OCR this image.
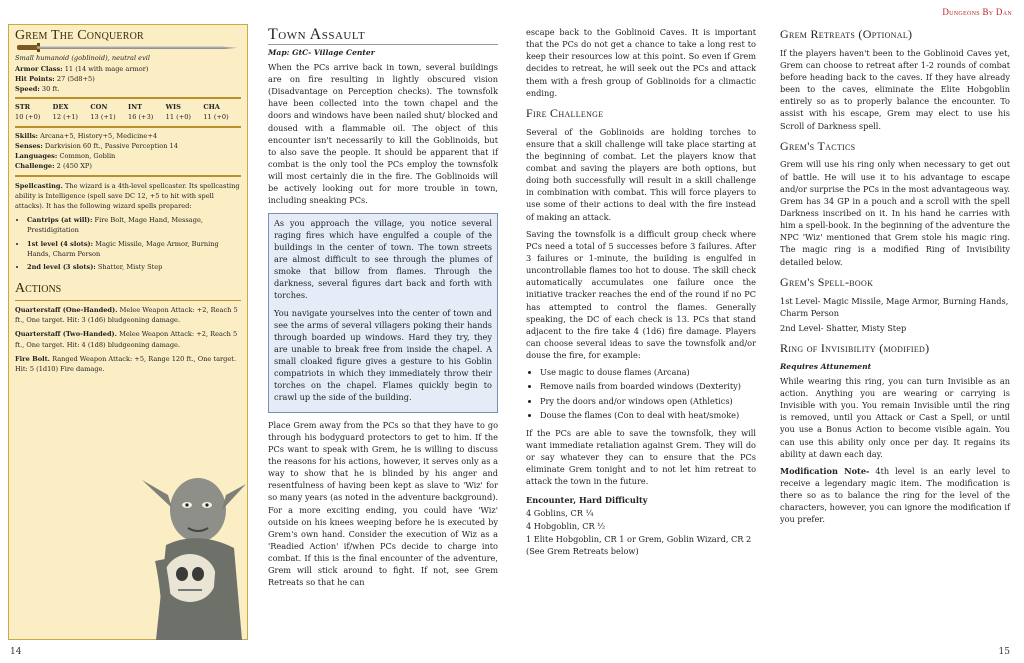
Dungeons By Dan
Grem The Conqueror
Small humanoid (goblinoid), neutral evil
Armor Class: 11 (14 with mage armor)
Hit Points: 27 (5d8+5)
Speed: 30 ft.
STR	DEX	CON	INT	WIS	CHA
10 (+0)	12 (+1)	13 (+1)	16 (+3)	11 (+0)	11 (+0)
Skills: Arcana+5, History+5, Medicine+4
Senses: Darkvision 60 ft., Passive Perception 14
Languages: Common, Goblin
Challenge: 2 (450 XP)
Spellcasting. The wizard is a 4th-level spellcaster. Its spellcasting ability is Intelligence (spell save DC 12, +5 to hit with spell attacks). It has the following wizard spells prepared:
• Cantrips (at will): Fire Bolt, Mage Hand, Message, Prestidigitation
• 1st level (4 slots): Magic Missile, Mage Armor, Burning Hands, Charm Person
• 2nd level (3 slots): Shatter, Misty Step
Actions
Quarterstaff (One-Handed). Melee Weapon Attack: +2, Reach 5 ft., One target. Hit: 3 (1d6) bludgeoning damage.
Quarterstaff (Two-Handed). Melee Weapon Attack: +2, Reach 5 ft., One target. Hit: 4 (1d8) bludgeoning damage.
Fire Bolt. Ranged Weapon Attack: +5, Range 120 ft., One target. Hit: 5 (1d10) Fire damage.
14	15
Town Assault
Map: GtC- Village Center

When the PCs arrive back in town, several buildings are on fire resulting in lightly obscured vision (Disadvantage on Perception checks). The townsfolk have been collected into the town chapel and the doors and windows have been nailed shut/ blocked and doused with a flammable oil. The object of this encounter isn't necessarily to kill the Goblinoids, but to also save the people. It should be apparent that if combat is the only tool the PCs employ the townsfolk will most certainly die in the fire. The Goblinoids will be actively looking out for more trouble in town, including sneaking PCs.

As you approach the village, you notice several raging fires which have engulfed a couple of the buildings in the center of town. The town streets are almost difficult to see through the plumes of smoke that billow from flames. Through the darkness, several figures dart back and forth with torches.

You navigate yourselves into the center of town and see the arms of several villagers poking their hands through boarded up windows. Hard they try, they are unable to break free from inside the chapel. A small cloaked figure gives a gesture to his Goblin compatriots in which they immediately throw their torches on the chapel. Flames quickly begin to crawl up the side of the building.

Place Grem away from the PCs so that they have to go through his bodyguard protectors to get to him. If the PCs want to speak with Grem, he is willing to discuss the reasons for his actions, however, it serves only as a way to show that he is blinded by his anger and resentfulness of having been kept as slave to 'Wiz' for so many years (as noted in the adventure background). For a more exciting ending, you could have 'Wiz' outside on his knees weeping before he is executed by Grem's own hand. Consider the execution of Wiz as a 'Readied Action' if/when PCs decide to charge into combat. If this is the final encounter of the adventure, Grem will stick around to fight. If not, see Grem Retreats so that he can

escape back to the Goblinoid Caves. It is important that the PCs do not get a chance to take a long rest to keep their resources low at this point. So even if Grem decides to retreat, he will seek out the PCs and attack them with a fresh group of Goblinoids for a climactic ending.

Fire Challenge

Several of the Goblinoids are holding torches to ensure that a skill challenge will take place starting at the beginning of combat. Let the players know that combat and saving the players are both options, but doing both successfully will result in a skill challenge in combination with combat. This will force players to use some of their actions to deal with the fire instead of making an attack.

Saving the townsfolk is a difficult group check where PCs need a total of 5 successes before 3 failures. After 3 failures or 1-minute, the building is engulfed in uncontrollable flames too hot to douse. The skill check automatically accumulates one failure once the initiative tracker reaches the end of the round if no PC has attempted to control the flames. Generally speaking, the DC of each check is 13. PCs that stand adjacent to the fire take 4 (1d6) fire damage. Players can choose several ideas to save the townsfolk and/or douse the fire, for example:

• Use magic to douse flames (Arcana)
• Remove nails from boarded windows (Dexterity)
• Pry the doors and/or windows open (Athletics)
• Douse the flames (Con to deal with heat/smoke)

If the PCs are able to save the townsfolk, they will want immediate retaliation against Grem. They will do or say whatever they can to ensure that the PCs eliminate Grem tonight and to not let him retreat to attack the town in the future.

Encounter, Hard Difficulty
4 Goblins, CR ¼
4 Hobgoblin, CR ½
1 Elite Hobgoblin, CR 1 or Grem, Goblin Wizard, CR 2 (See Grem Retreats below)
Grem Retreats (Optional)

If the players haven't been to the Goblinoid Caves yet, Grem can choose to retreat after 1-2 rounds of combat before heading back to the caves. If they have already been to the caves, eliminate the Elite Hobgoblin entirely so as to properly balance the encounter. To assist with his escape, Grem may elect to use his Scroll of Darkness spell.

Grem's Tactics

Grem will use his ring only when necessary to get out of battle. He will use it to his advantage to escape and/or surprise the PCs in the most advantageous way. Grem has 34 GP in a pouch and a scroll with the spell Darkness inscribed on it. In his hand he carries with him a spell-book. In the beginning of the adventure the NPC 'Wiz' mentioned that Grem stole his magic ring. The magic ring is a modified Ring of Invisibility detailed below.

Grem's Spell-book
1st Level- Magic Missile, Mage Armor, Burning Hands, Charm Person
2nd Level- Shatter, Misty Step
Ring of Invisibility (modified)
Requires Attunement

While wearing this ring, you can turn Invisible as an action. Anything you are wearing or carrying is Invisible with you. You remain Invisible until the ring is removed, until you Attack or Cast a Spell, or until you use a Bonus Action to become visible again. You can use this ability only once per day. It regains its ability at dawn each day.

Modification Note- 4th level is an early level to receive a legendary magic item. The modification is there so as to balance the ring for the level of the characters, however, you can ignore the modification if you prefer.
